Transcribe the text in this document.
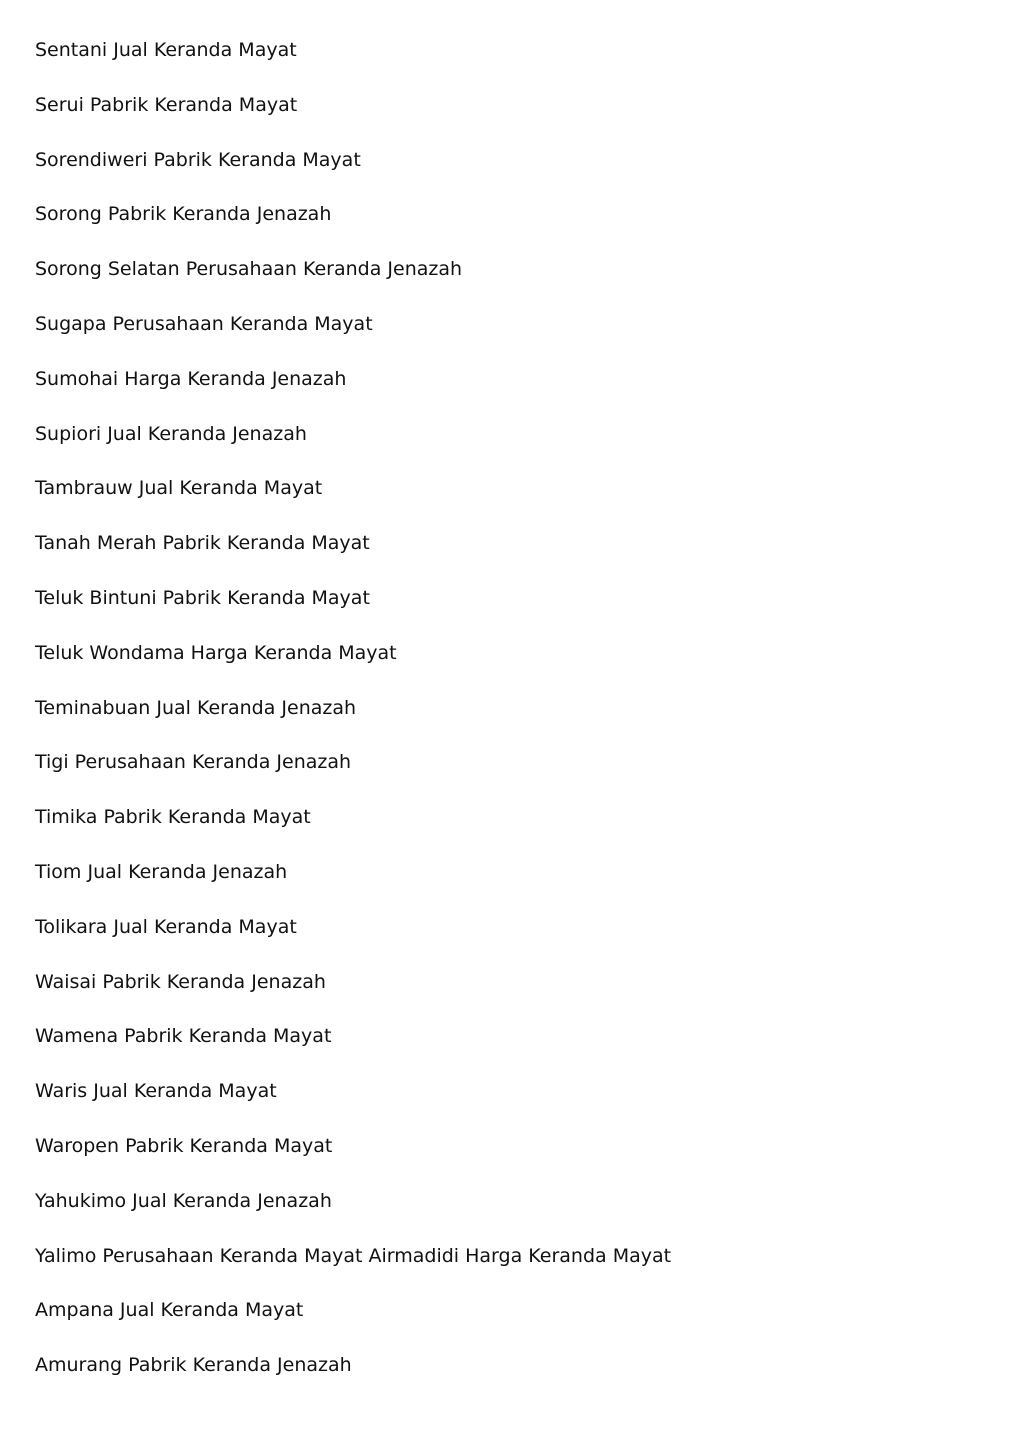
Sentani Jual Keranda Mayat
Serui Pabrik Keranda Mayat
Sorendiweri Pabrik Keranda Mayat
Sorong Pabrik Keranda Jenazah
Sorong Selatan Perusahaan Keranda Jenazah
Sugapa Perusahaan Keranda Mayat
Sumohai Harga Keranda Jenazah
Supiori Jual Keranda Jenazah
Tambrauw Jual Keranda Mayat
Tanah Merah Pabrik Keranda Mayat
Teluk Bintuni Pabrik Keranda Mayat
Teluk Wondama Harga Keranda Mayat
Teminabuan Jual Keranda Jenazah
Tigi Perusahaan Keranda Jenazah
Timika Pabrik Keranda Mayat
Tiom Jual Keranda Jenazah
Tolikara Jual Keranda Mayat
Waisai Pabrik Keranda Jenazah
Wamena Pabrik Keranda Mayat
Waris Jual Keranda Mayat
Waropen Pabrik Keranda Mayat
Yahukimo Jual Keranda Jenazah
Yalimo Perusahaan Keranda Mayat Airmadidi Harga Keranda Mayat
Ampana Jual Keranda Mayat
Amurang Pabrik Keranda Jenazah
